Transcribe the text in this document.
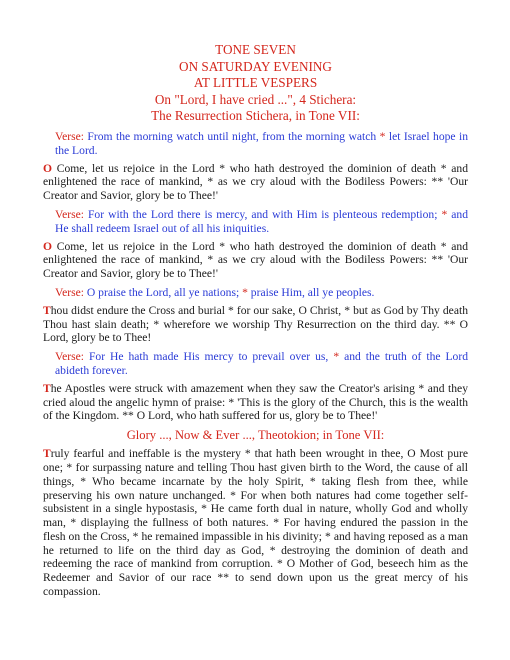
TONE SEVEN

ON SATURDAY EVENING

AT LITTLE VESPERS

On "Lord, I have cried ...", 4 Stichera:

The Resurrection Stichera, in Tone VII:

Verse: From the morning watch until night, from the morning watch * let Israel hope in the Lord.

O Come, let us rejoice in the Lord * who hath destroyed the dominion of death * and enlightened the race of mankind, * as we cry aloud with the Bodiless Powers: ** 'Our Creator and Savior, glory be to Thee!'

Verse: For with the Lord there is mercy, and with Him is plenteous redemption; * and He shall redeem Israel out of all his iniquities.

O Come, let us rejoice in the Lord * who hath destroyed the dominion of death * and enlightened the race of mankind, * as we cry aloud with the Bodiless Powers: ** 'Our Creator and Savior, glory be to Thee!'

Verse: O praise the Lord, all ye nations; * praise Him, all ye peoples.

Thou didst endure the Cross and burial * for our sake, O Christ, * but as God by Thy death Thou hast slain death; * wherefore we worship Thy Resurrection on the third day. ** O Lord, glory be to Thee!

Verse: For He hath made His mercy to prevail over us, * and the truth of the Lord abideth forever.

The Apostles were struck with amazement when they saw the Creator's arising * and they cried aloud the angelic hymn of praise: * 'This is the glory of the Church, this is the wealth of the Kingdom. ** O Lord, who hath suffered for us, glory be to Thee!'

Glory ..., Now & Ever ..., Theotokion; in Tone VII:

Truly fearful and ineffable is the mystery * that hath been wrought in thee, O Most pure one; * for surpassing nature and telling Thou hast given birth to the Word, the cause of all things, * Who became incarnate by the holy Spirit, * taking flesh from thee, while preserving his own nature unchanged. * For when both natures had come together self-subsistent in a single hypostasis, * He came forth dual in nature, wholly God and wholly man, * displaying the fullness of both natures. * For having endured the passion in the flesh on the Cross, * he remained impassible in his divinity; * and having reposed as a man he returned to life on the third day as God, * destroying the dominion of death and redeeming the race of mankind from corruption. * O Mother of God, beseech him as the Redeemer and Savior of our race ** to send down upon us the great mercy of his compassion.
